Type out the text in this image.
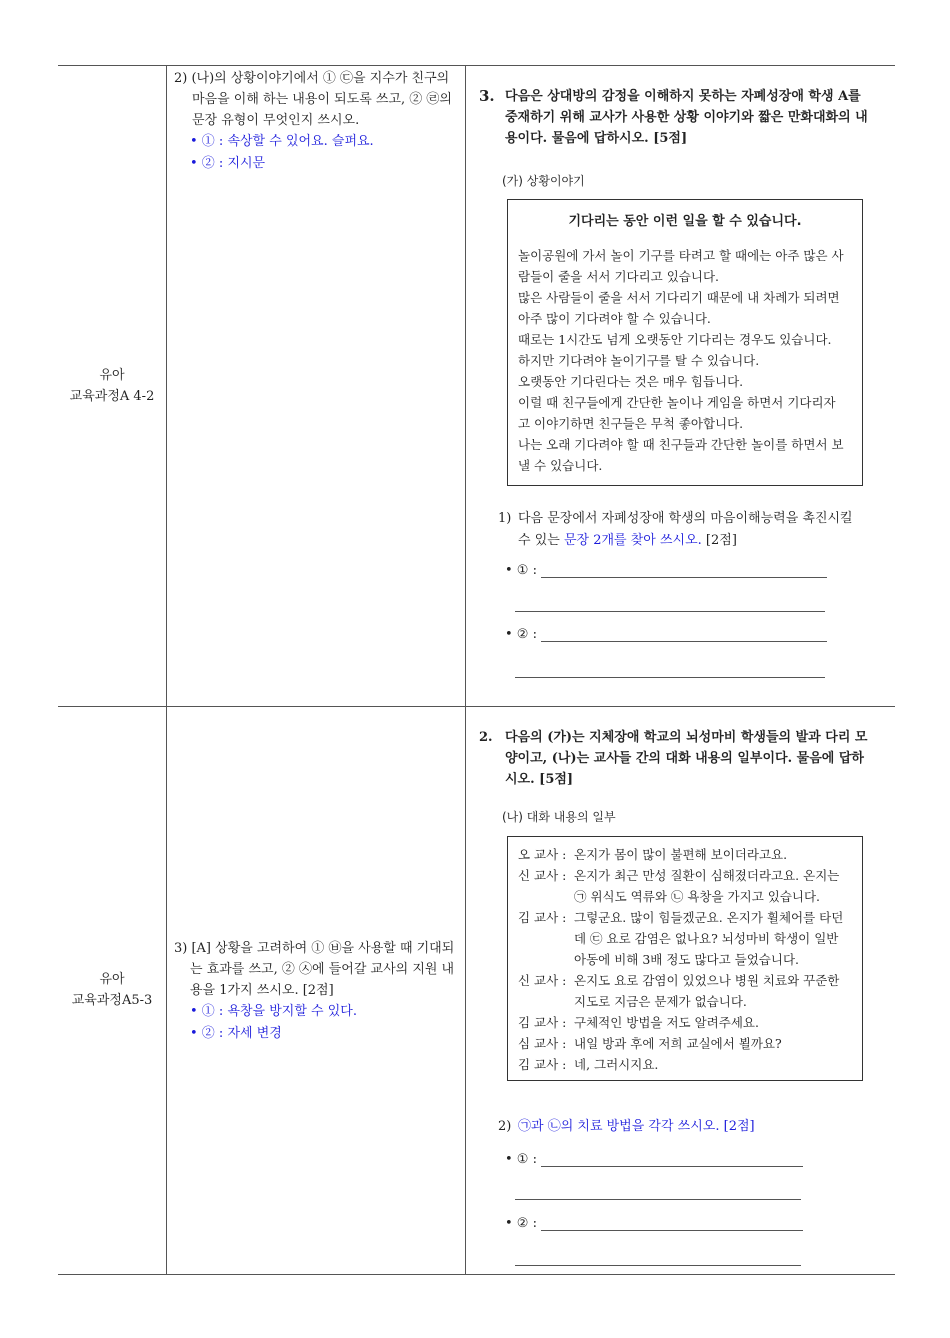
유아
교육과정A 4-2
2) (나)의 상황이야기에서 ① ㉢을 지수가 친구의
마음을 이해 하는 내용이 되도록 쓰고, ② ㉣의
문장 유형이 무엇인지 쓰시오.
• ① : 속상할 수 있어요. 슬퍼요.
• ② : 지시문
3. 다음은 상대방의 감정을 이해하지 못하는 자폐성장애 학생 A를
중재하기 위해 교사가 사용한 상황 이야기와 짧은 만화대화의 내
용이다. 물음에 답하시오. [5점]
(가) 상황이야기
기다리는 동안 이런 일을 할 수 있습니다.
놀이공원에 가서 놀이 기구를 타려고 할 때에는 아주 많은 사
람들이 줄을 서서 기다리고 있습니다.
많은 사람들이 줄을 서서 기다리기 때문에 내 차례가 되려면
아주 많이 기다려야 할 수 있습니다.
때로는 1시간도 넘게 오랫동안 기다리는 경우도 있습니다.
하지만 기다려야 놀이기구를 탈 수 있습니다.
오랫동안 기다린다는 것은 매우 힘듭니다.
이럴 때 친구들에게 간단한 놀이나 게임을 하면서 기다리자
고 이야기하면 친구들은 무척 좋아합니다.
나는 오래 기다려야 할 때 친구들과 간단한 놀이를 하면서 보
낼 수 있습니다.
1) 다음 문장에서 자폐성장애 학생의 마음이해능력을 촉진시킬
수 있는 문장 2개를 찾아 쓰시오. [2점]
• ① :
• ② :
유아
교육과정A5-3
3) [A] 상황을 고려하여 ① ㉥을 사용할 때 기대되
는 효과를 쓰고, ② ㉦에 들어갈 교사의 지원 내
용을 1가지 쓰시오. [2점]
• ① : 욕창을 방지할 수 있다.
• ② : 자세 변경
2. 다음의 (가)는 지체장애 학교의 뇌성마비 학생들의 발과 다리 모
양이고, (나)는 교사들 간의 대화 내용의 일부이다. 물음에 답하
시오. [5점]
(나) 대화 내용의 일부
오 교사 : 온지가 몸이 많이 불편해 보이더라고요.
신 교사 : 온지가 최근 만성 질환이 심해졌더라고요. 온지는
㉠ 위식도 역류와 ㉡ 욕창을 가지고 있습니다.
김 교사 : 그렇군요. 많이 힘들겠군요. 온지가 휠체어를 타던
데 ㉢ 요로 감염은 없나요? 뇌성마비 학생이 일반
아동에 비해 3배 정도 많다고 들었습니다.
신 교사 : 온지도 요로 감염이 있었으나 병원 치료와 꾸준한
지도로 지금은 문제가 없습니다.
김 교사 : 구체적인 방법을 저도 알려주세요.
심 교사 : 내일 방과 후에 저희 교실에서 뵐까요?
김 교사 : 네, 그러시지요.
2) ㉠과 ㉡의 치료 방법을 각각 쓰시오. [2점]
• ① :
• ② :
